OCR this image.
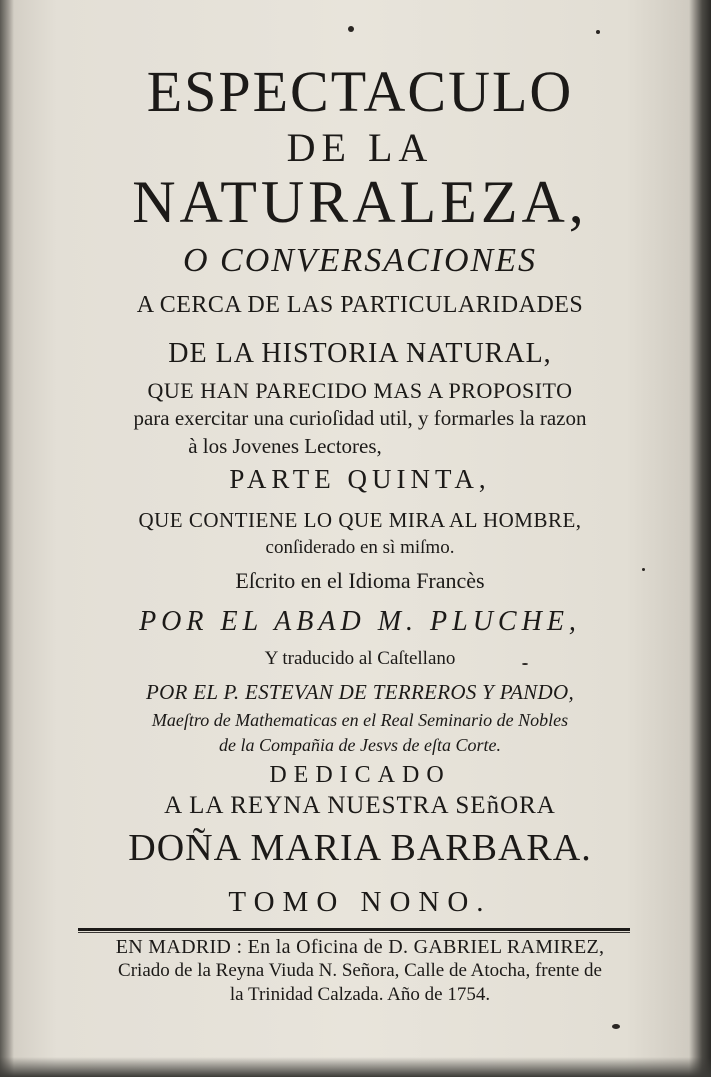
ESPECTACULO
DE LA
NATURALEZA,
O CONVERSACIONES
A CERCA DE LAS PARTICULARIDADES
DE LA HISTORIA NATURAL,
QUE HAN PARECIDO MAS A PROPOSITO
para exercitar una curioſidad util, y formarles la razon
à los Jovenes Lectores,
PARTE QUINTA,
QUE CONTIENE LO QUE MIRA AL HOMBRE,
conſiderado en sì miſmo.
Eſcrito en el Idioma Francès
POR EL ABAD M. PLUCHE,
Y traducido al Caſtellano
POR EL P. ESTEVAN DE TERREROS Y PANDO,
Maeſtro de Mathematicas en el Real Seminario de Nobles
de la Compañia de Jesvs de eſta Corte.
DEDICADO
A LA REYNA NUESTRA SEñORA
DOÑA MARIA BARBARA.
TOMO NONO.
EN MADRID : En la Oficina de D. GABRIEL RAMIREZ,
Criado de la Reyna Viuda N. Señora, Calle de Atocha, frente de
la Trinidad Calzada. Año de 1754.
